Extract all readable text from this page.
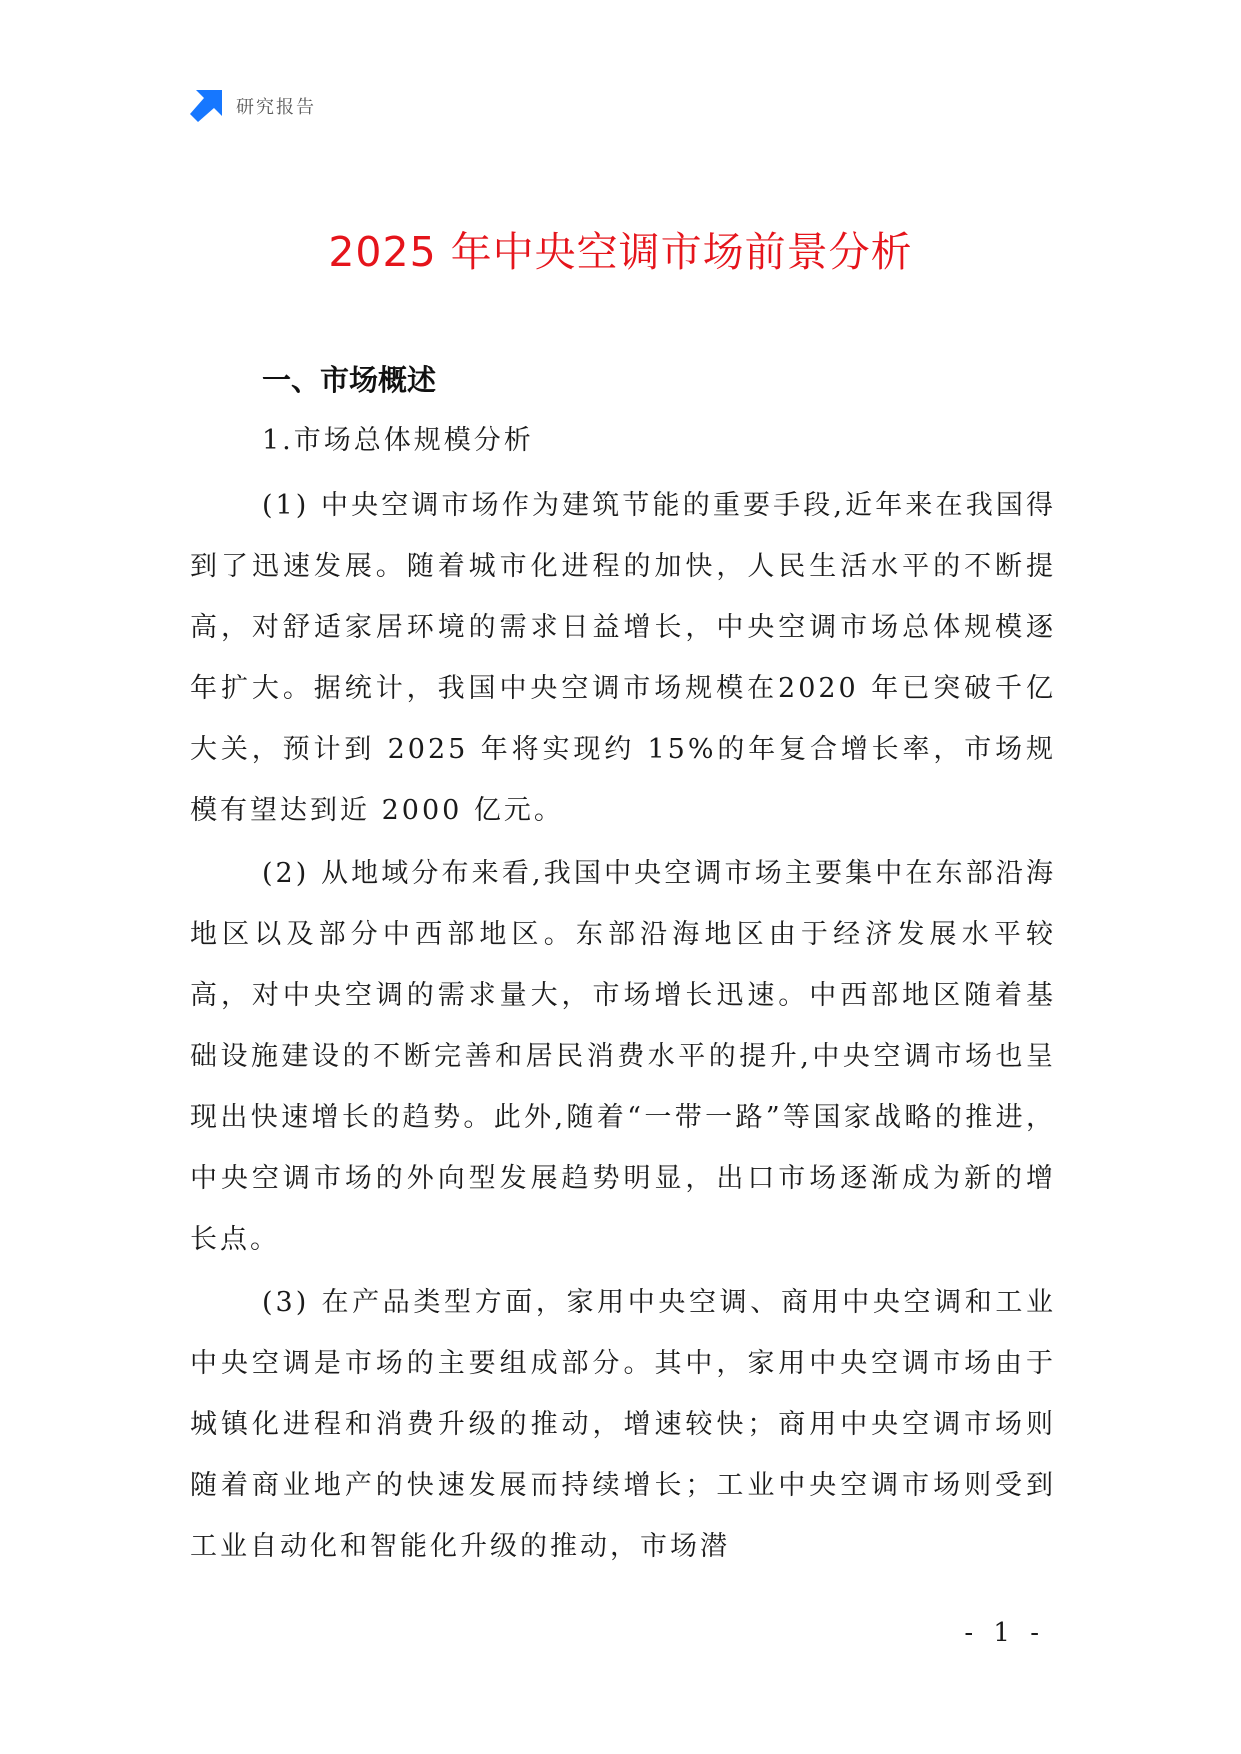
研究报告
2025 年中央空调市场前景分析

一、市场概述

1.市场总体规模分析

(1) 中央空调市场作为建筑节能的重要手段,近年来在我国得到了迅速发展。随着城市化进程的加快，人民生活水平的不断提高，对舒适家居环境的需求日益增长，中央空调市场总体规模逐年扩大。据统计，我国中央空调市场规模在2020 年已突破千亿大关，预计到 2025 年将实现约 15%的年复合增长率，市场规模有望达到近 2000 亿元。

(2) 从地域分布来看,我国中央空调市场主要集中在东部沿海地区以及部分中西部地区。东部沿海地区由于经济发展水平较高，对中央空调的需求量大，市场增长迅速。中西部地区随着基础设施建设的不断完善和居民消费水平的提升,中央空调市场也呈现出快速增长的趋势。此外,随着“一带一路”等国家战略的推进，中央空调市场的外向型发展趋势明显，出口市场逐渐成为新的增长点。

(3) 在产品类型方面，家用中央空调、商用中央空调和工业中央空调是市场的主要组成部分。其中，家用中央空调市场由于城镇化进程和消费升级的推动，增速较快；商用中央空调市场则随着商业地产的快速发展而持续增长；工业中央空调市场则受到工业自动化和智能化升级的推动，市场潜

- 1 -
